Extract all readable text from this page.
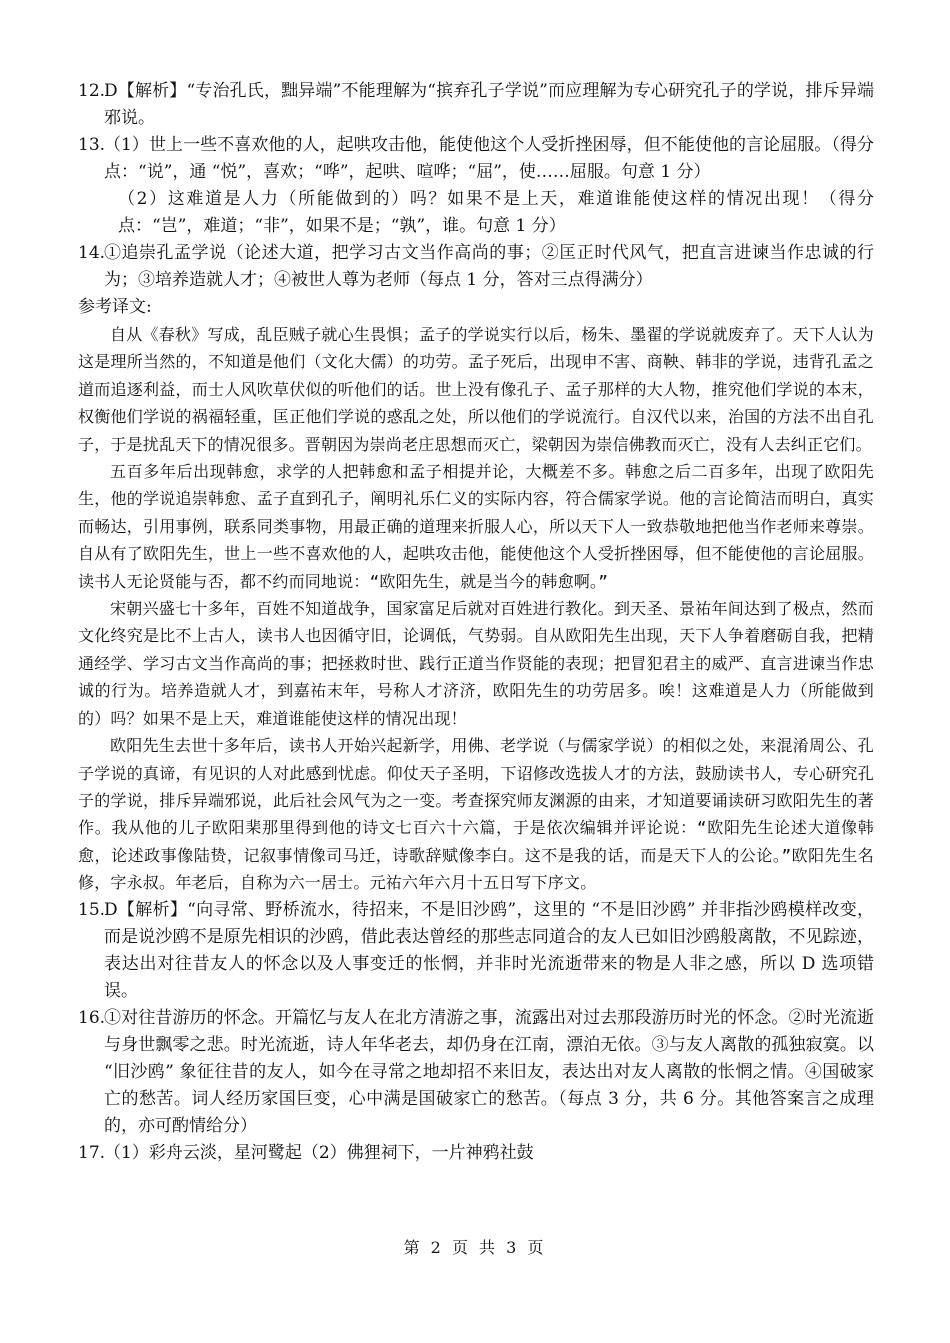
12.
D【解析】“专治孔氏，黜异端”不能理解为“摈弃孔子学说”而应理解为专心研究孔子的学说，排斥异端邪说。
13.

（1）世上一些不喜欢他的人，起哄攻击他，能使他这个人受折挫困辱，但不能使他的言论屈服。（得分点：“说”，通 “悦”，喜欢；“哗”，起哄、喧哗；“屈”，使……屈服。句意 1 分）

（2）这难道是人力（所能做到的）吗？如果不是上天，难道谁能使这样的情况出现！（得分点：“岂”，难道；“非”，如果不是；“孰”，谁。句意 1 分）

14.
①追崇孔孟学说（论述大道，把学习古文当作高尚的事；②匡正时代风气，把直言进谏当作忠诚的行为；③培养造就人才；④被世人尊为老师（每点 1 分，答对三点得满分）

参考译文:

自从《春秋》写成，乱臣贼子就心生畏惧；孟子的学说实行以后，杨朱、墨翟的学说就废弃了。天下人认为这是理所当然的，不知道是他们（文化大儒）的功劳。孟子死后，出现申不害、商鞅、韩非的学说，违背孔孟之道而追逐利益，而士人风吹草伏似的听他们的话。世上没有像孔子、孟子那样的大人物，推究他们学说的本末，权衡他们学说的祸福轻重，匡正他们学说的惑乱之处，所以他们的学说流行。自汉代以来，治国的方法不出自孔子，于是扰乱天下的情况很多。晋朝因为崇尚老庄思想而灭亡，梁朝因为崇信佛教而灭亡，没有人去纠正它们。

五百多年后出现韩愈，求学的人把韩愈和孟子相提并论，大概差不多。韩愈之后二百多年，出现了欧阳先生，他的学说追崇韩愈、孟子直到孔子，阐明礼乐仁义的实际内容，符合儒家学说。他的言论简洁而明白，真实而畅达，引用事例，联系同类事物，用最正确的道理来折服人心，所以天下人一致恭敬地把他当作老师来尊崇。自从有了欧阳先生，世上一些不喜欢他的人，起哄攻击他，能使他这个人受折挫困辱，但不能使他的言论屈服。读书人无论贤能与否，都不约而同地说：“欧阳先生，就是当今的韩愈啊。”

宋朝兴盛七十多年，百姓不知道战争，国家富足后就对百姓进行教化。到天圣、景祐年间达到了极点，然而文化终究是比不上古人，读书人也因循守旧，论调低，气势弱。自从欧阳先生出现，天下人争着磨砺自我，把精通经学、学习古文当作高尚的事；把拯救时世、践行正道当作贤能的表现；把冒犯君主的威严、直言进谏当作忠诚的行为。培养造就人才，到嘉祐末年，号称人才济济，欧阳先生的功劳居多。唉！这难道是人力（所能做到的）吗？如果不是上天，难道谁能使这样的情况出现！

欧阳先生去世十多年后，读书人开始兴起新学，用佛、老学说（与儒家学说）的相似之处，来混淆周公、孔子学说的真谛，有见识的人对此感到忧虑。仰仗天子圣明，下诏修改选拔人才的方法，鼓励读书人，专心研究孔子的学说，排斥异端邪说，此后社会风气为之一变。考查探究师友渊源的由来，才知道要诵读研习欧阳先生的著作。我从他的儿子欧阳棐那里得到他的诗文七百六十六篇，于是依次编辑并评论说：“欧阳先生论述大道像韩愈，论述政事像陆贽，记叙事情像司马迁，诗歌辞赋像李白。这不是我的话，而是天下人的公论。”欧阳先生名修，字永叔。年老后，自称为六一居士。元祐六年六月十五日写下序文。

15.
D【解析】“向寻常、野桥流水，待招来，不是旧沙鸥”，这里的 “不是旧沙鸥” 并非指沙鸥模样改变，而是说沙鸥不是原先相识的沙鸥，借此表达曾经的那些志同道合的友人已如旧沙鸥般离散，不见踪迹，表达出对往昔友人的怀念以及人事变迁的怅惘，并非时光流逝带来的物是人非之感，所以 D 选项错误。
16.
①对往昔游历的怀念。开篇忆与友人在北方清游之事，流露出对过去那段游历时光的怀念。②时光流逝与身世飘零之悲。时光流逝，诗人年华老去，却仍身在江南，漂泊无依。③与友人离散的孤独寂寞。以 “旧沙鸥” 象征往昔的友人，如今在寻常之地却招不来旧友，表达出对友人离散的怅惘之情。④国破家亡的愁苦。词人经历家国巨变，心中满是国破家亡的愁苦。（每点 3 分，共 6 分。其他答案言之成理的，亦可酌情给分）
17.
（1）彩舟云淡，星河鹭起（2）佛狸祠下，一片神鸦社鼓
第 2 页 共 3 页
